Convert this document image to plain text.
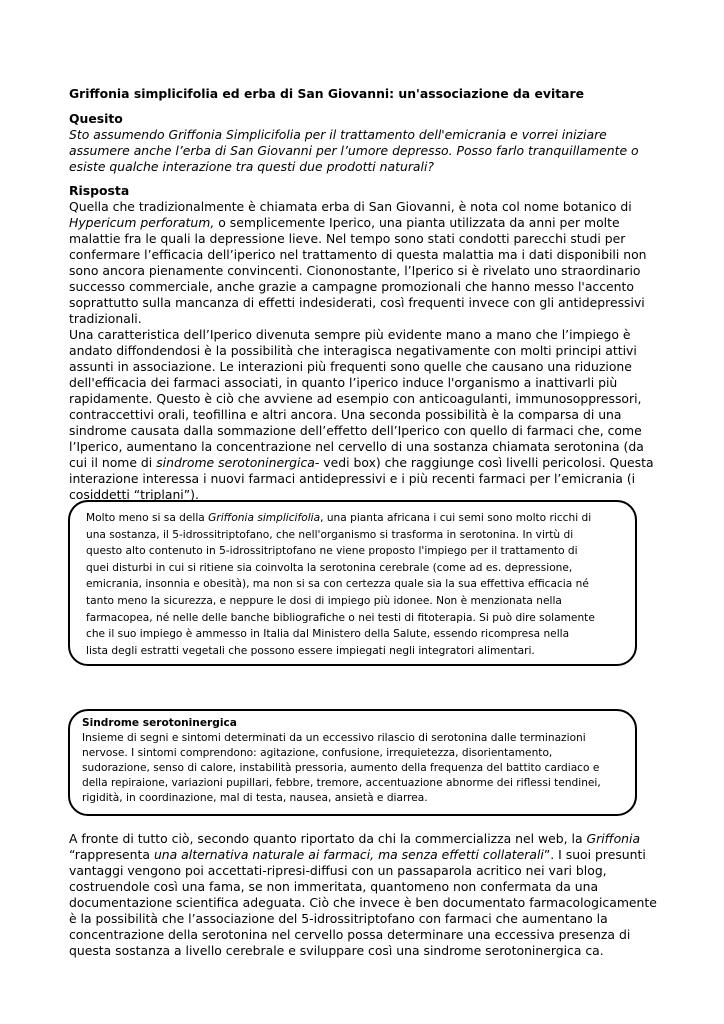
Griffonia simplicifolia ed erba di San Giovanni: un'associazione da evitare
Quesito
Sto assumendo Griffonia Simplicifolia per il trattamento dell'emicrania e vorrei iniziare
assumere anche l’erba di San Giovanni per l’umore depresso. Posso farlo tranquillamente o
esiste qualche interazione tra questi due prodotti naturali?
Risposta
Quella che tradizionalmente è chiamata erba di San Giovanni, è nota col nome botanico di
Hypericum perforatum, o semplicemente Iperico, una pianta utilizzata da anni per molte
malattie fra le quali la depressione lieve. Nel tempo sono stati condotti parecchi studi per
confermare l’efficacia dell’iperico nel trattamento di questa malattia ma i dati disponibili non
sono ancora pienamente convincenti. Ciononostante, l’Iperico si è rivelato uno straordinario
successo commerciale, anche grazie a campagne promozionali che hanno messo l'accento
soprattutto sulla mancanza di effetti indesiderati, così frequenti invece con gli antidepressivi
tradizionali.
Una caratteristica dell’Iperico divenuta sempre più evidente mano a mano che l’impiego è
andato diffondendosi è la possibilità che interagisca negativamente con molti principi attivi
assunti in associazione. Le interazioni più frequenti sono quelle che causano una riduzione
dell'efficacia dei farmaci associati, in quanto l’iperico induce l'organismo a inattivarli più
rapidamente. Questo è ciò che avviene ad esempio con anticoagulanti, immunosoppressori,
contraccettivi orali, teofillina e altri ancora. Una seconda possibilità è la comparsa di una
sindrome causata dalla sommazione dell’effetto dell’Iperico con quello di farmaci che, come
l’Iperico, aumentano la concentrazione nel cervello di una sostanza chiamata serotonina (da
cui il nome di sindrome serotoninergica- vedi box) che raggiunge così livelli pericolosi. Questa
interazione interessa i nuovi farmaci antidepressivi e i più recenti farmaci per l’emicrania (i
cosiddetti “triplani”).
Molto meno si sa della Griffonia simplicifolia, una pianta africana i cui semi sono molto ricchi di
una sostanza, il 5-idrossitriptofano, che nell'organismo si trasforma in serotonina. In virtù di
questo alto contenuto in 5-idrossitriptofano ne viene proposto l'impiego per il trattamento di
quei disturbi in cui si ritiene sia coinvolta la serotonina cerebrale (come ad es. depressione,
emicrania, insonnia e obesità), ma non si sa con certezza quale sia la sua effettiva efficacia né
tanto meno la sicurezza, e neppure le dosi di impiego più idonee. Non è menzionata nella
farmacopea, né nelle delle banche bibliografiche o nei testi di fitoterapia. Si può dire solamente
che il suo impiego è ammesso in Italia dal Ministero della Salute, essendo ricompresa nella
lista degli estratti vegetali che possono essere impiegati negli integratori alimentari.
Sindrome serotoninergica
Insieme di segni e sintomi determinati da un eccessivo rilascio di serotonina dalle terminazioni
nervose. I sintomi comprendono: agitazione, confusione, irrequietezza, disorientamento,
sudorazione, senso di calore, instabilità pressoria, aumento della frequenza del battito cardiaco e
della repiraione, variazioni pupillari, febbre, tremore, accentuazione abnorme dei riflessi tendinei,
rigidità, in coordinazione, mal di testa, nausea, ansietà e diarrea.
A fronte di tutto ciò, secondo quanto riportato da chi la commercializza nel web, la Griffonia
“rappresenta una alternativa naturale ai farmaci, ma senza effetti collaterali”. I suoi presunti
vantaggi vengono poi accettati-ripresi-diffusi con un passaparola acritico nei vari blog,
costruendole così una fama, se non immeritata, quantomeno non confermata da una
documentazione scientifica adeguata. Ciò che invece è ben documentato farmacologicamente
è la possibilità che l’associazione del 5-idrossitriptofano con farmaci che aumentano la
concentrazione della serotonina nel cervello possa determinare una eccessiva presenza di
questa sostanza a livello cerebrale e sviluppare così una sindrome serotoninergica ca.
